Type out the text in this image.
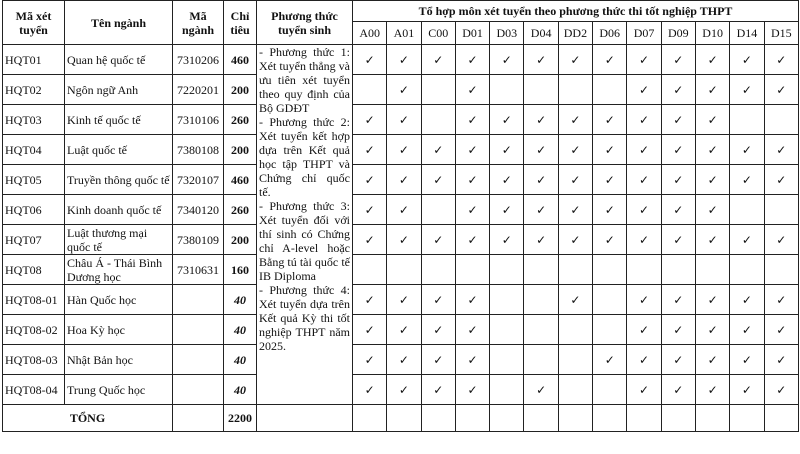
Mã xét tuyển	Tên ngành	Mã ngành	Chỉ tiêu	Phương thức tuyển sinh	Tổ hợp môn xét tuyển theo phương thức thi tốt nghiệp THPT												
					A00	A01	C00	D01	D03	D04	DD2	D06	D07	D09	D10	D14	D15
HQT01	Quan hệ quốc tế	7310206	460	- Phương thức 1: Xét tuyển thẳng và ưu tiên xét tuyển theo quy định của Bộ GDĐT
- Phương thức 2: Xét tuyển kết hợp dựa trên Kết quả học tập THPT và Chứng chỉ quốc tế.
- Phương thức 3: Xét tuyển đối với thí sinh có Chứng chỉ A-level hoặc Bằng tú tài quốc tế IB Diploma
- Phương thức 4: Xét tuyển dựa trên Kết quả Kỳ thi tốt nghiệp THPT năm 2025.	✓	✓	✓	✓	✓	✓	✓	✓	✓	✓	✓	✓	✓
HQT02	Ngôn ngữ Anh	7220201	200			✓		✓					✓	✓	✓	✓	✓
HQT03	Kinh tế quốc tế	7310106	260		✓	✓		✓	✓	✓	✓	✓	✓	✓	✓		
HQT04	Luật quốc tế	7380108	200		✓	✓	✓	✓	✓	✓	✓	✓	✓	✓	✓	✓	✓
HQT05	Truyền thông quốc tế	7320107	460		✓	✓	✓	✓	✓	✓	✓	✓	✓	✓	✓	✓	✓
HQT06	Kinh doanh quốc tế	7340120	260		✓	✓		✓	✓	✓	✓	✓	✓	✓	✓		
HQT07	Luật thương mại quốc tế	7380109	200		✓	✓	✓	✓	✓	✓	✓	✓	✓	✓	✓	✓	✓
HQT08	Châu Á - Thái Bình Dương học	7310631	160														
HQT08-01	Hàn Quốc học		40		✓	✓	✓	✓			✓		✓	✓	✓	✓	✓
HQT08-02	Hoa Kỳ học		40		✓	✓	✓	✓					✓	✓	✓	✓	✓
HQT08-03	Nhật Bản học		40		✓	✓	✓	✓				✓	✓	✓	✓	✓	✓
HQT08-04	Trung Quốc học		40		✓	✓	✓	✓		✓			✓	✓	✓	✓	✓
TỔNG			2200														
